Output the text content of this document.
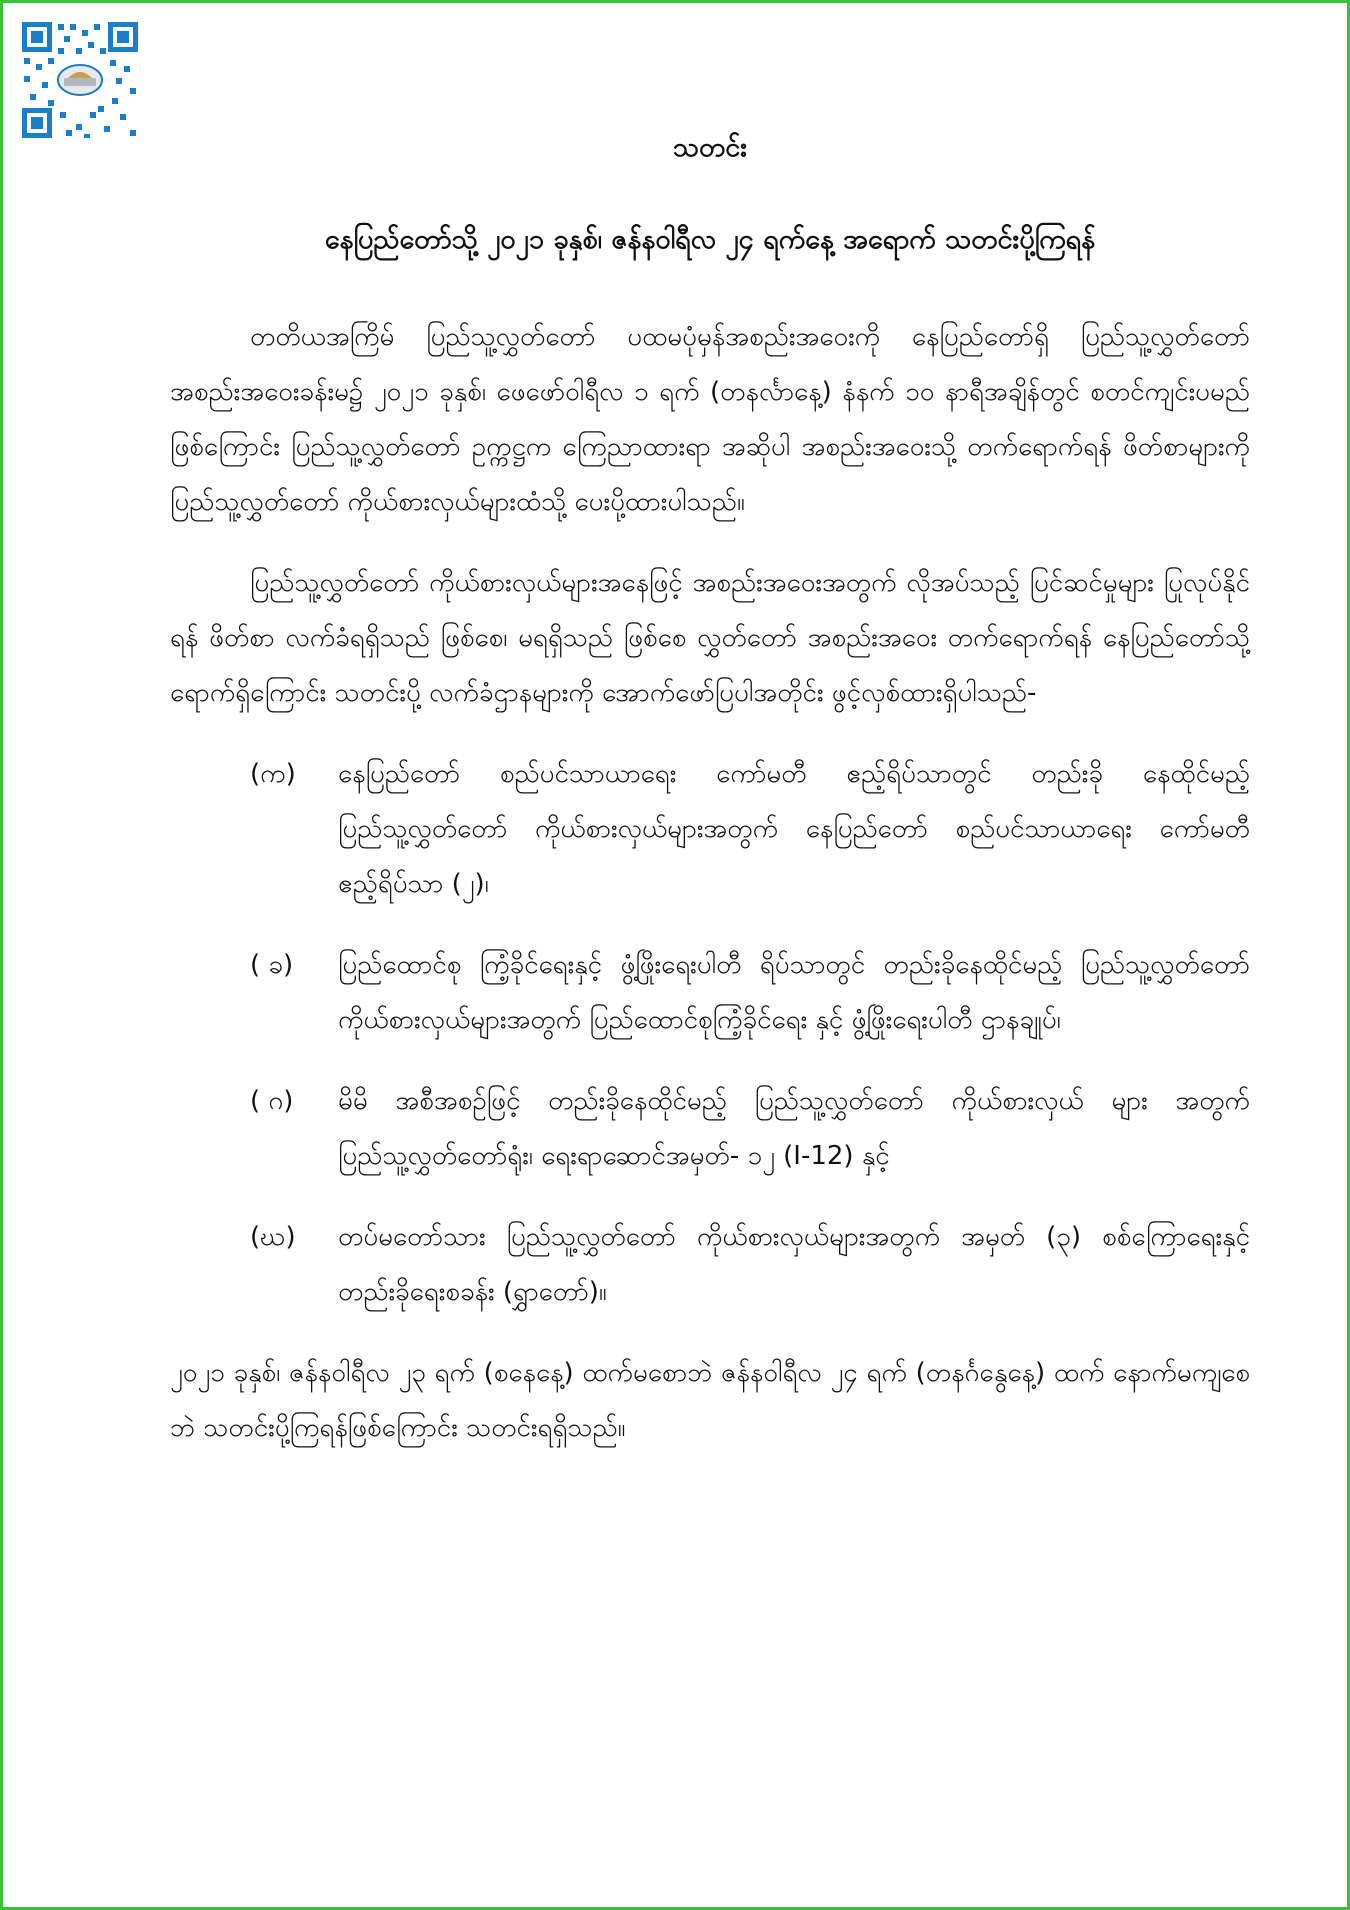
သတင်း
နေပြည်တော်သို့ ၂၀၂၁ ခုနှစ်၊ ဇန်နဝါရီလ ၂၄ ရက်နေ့ အရောက် သတင်းပို့ကြရန်

တတိယအကြိမ် ပြည်သူ့လွှတ်တော် ပထမပုံမှန်အစည်းအဝေးကို နေပြည်တော်ရှိ ပြည်သူ့လွှတ်တော်အစည်းအဝေးခန်းမ၌ ၂၀၂၁ ခုနှစ်၊ ဖေဖော်ဝါရီလ ၁ ရက် (တနင်္လာနေ့) နံနက် ၁၀ နာရီအချိန်တွင် စတင်ကျင်းပမည်ဖြစ်ကြောင်း ပြည်သူ့လွှတ်တော် ဥက္ကဋ္ဌက ကြေညာထားရာ အဆိုပါ အစည်းအဝေးသို့ တက်ရောက်ရန် ဖိတ်စာများကို ပြည်သူ့လွှတ်တော် ကိုယ်စားလှယ်များထံသို့ ပေးပို့ထားပါသည်။

ပြည်သူ့လွှတ်တော် ကိုယ်စားလှယ်များအနေဖြင့် အစည်းအဝေးအတွက် လိုအပ်သည့် ပြင်ဆင်မှုများ ပြုလုပ်နိုင်ရန် ဖိတ်စာ လက်ခံရရှိသည် ဖြစ်စေ၊ မရရှိသည် ဖြစ်စေ လွှတ်တော် အစည်းအဝေး တက်ရောက်ရန် နေပြည်တော်သို့ ရောက်ရှိကြောင်း သတင်းပို့ လက်ခံဌာနများကို အောက်ဖော်ပြပါအတိုင်း ဖွင့်လှစ်ထားရှိပါသည်-

(က)	နေပြည်တော် စည်ပင်သာယာရေး ကော်မတီ ဧည့်ရိပ်သာတွင် တည်းခို နေထိုင်မည့် ပြည်သူ့လွှတ်တော် ကိုယ်စားလှယ်များအတွက် နေပြည်တော် စည်ပင်သာယာရေး ကော်မတီ ဧည့်ရိပ်သာ (၂)၊
( ခ)	ပြည်ထောင်စု ကြံ့ခိုင်ရေးနှင့် ဖွံ့ဖြိုးရေးပါတီ ရိပ်သာတွင် တည်းခိုနေထိုင်မည့် ပြည်သူ့လွှတ်တော် ကိုယ်စားလှယ်များအတွက် ပြည်ထောင်စုကြံ့ခိုင်ရေး နှင့် ဖွံ့ဖြိုးရေးပါတီ ဌာနချုပ်၊
( ဂ)	မိမိ အစီအစဉ်ဖြင့် တည်းခိုနေထိုင်မည့် ပြည်သူ့လွှတ်တော် ကိုယ်စားလှယ် များ အတွက် ပြည်သူ့လွှတ်တော်ရုံး၊ ရေးရာဆောင်အမှတ်- ၁၂ (I-12) နှင့်
(ဃ)	တပ်မတော်သား ပြည်သူ့လွှတ်တော် ကိုယ်စားလှယ်များအတွက် အမှတ် (၃) စစ်ကြောရေးနှင့် တည်းခိုရေးစခန်း (ရွှာတော်)။

၂၀၂၁ ခုနှစ်၊ ဇန်နဝါရီလ ၂၃ ရက် (စနေနေ့) ထက်မစောဘဲ ဇန်နဝါရီလ ၂၄ ရက် (တနင်္ဂနွေနေ့) ထက် နောက်မကျစေဘဲ သတင်းပို့ကြရန်ဖြစ်ကြောင်း သတင်းရရှိသည်။
